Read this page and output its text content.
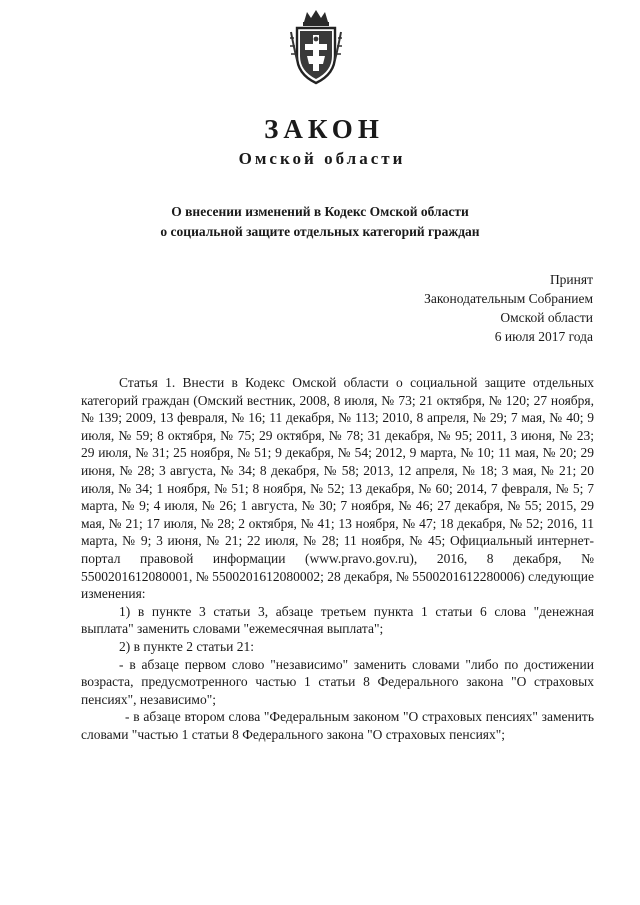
ЗАКОН
Омской области
О внесении изменений в Кодекс Омской области
о социальной защите отдельных категорий граждан
Принят
Законодательным Собранием
Омской области
6 июля 2017 года

Статья 1. Внести в Кодекс Омской области о социальной защите отдельных категорий граждан (Омский вестник, 2008, 8 июля, № 73; 21 октября, № 120; 27 ноября, № 139; 2009, 13 февраля, № 16; 11 декабря, № 113; 2010, 8 апреля, № 29; 7 мая, № 40; 9 июля, № 59; 8 октября, № 75; 29 октября, № 78; 31 декабря, № 95; 2011, 3 июня, № 23; 29 июля, № 31; 25 ноября, № 51; 9 декабря, № 54; 2012, 9 марта, № 10; 11 мая, № 20; 29 июня, № 28; 3 августа, № 34; 8 декабря, № 58; 2013, 12 апреля, № 18; 3 мая, № 21; 20 июля, № 34; 1 ноября, № 51; 8 ноября, № 52; 13 декабря, № 60; 2014, 7 февраля, № 5; 7 марта, № 9; 4 июля, № 26; 1 августа, № 30; 7 ноября, № 46; 27 декабря, № 55; 2015, 29 мая, № 21; 17 июля, № 28; 2 октября, № 41; 13 ноября, № 47; 18 декабря, № 52; 2016, 11 марта, № 9; 3 июня, № 21; 22 июля, № 28; 11 ноября, № 45; Официальный интернет-портал правовой информации (www.pravo.gov.ru), 2016, 8 декабря, № 5500201612080001, № 5500201612080002; 28 декабря, № 5500201612280006) следующие изменения:

1) в пункте 3 статьи 3, абзаце третьем пункта 1 статьи 6 слова "денежная выплата" заменить словами "ежемесячная выплата";

2) в пункте 2 статьи 21:

- в абзаце первом слово "независимо" заменить словами "либо по достижении возраста, предусмотренного частью 1 статьи 8 Федерального закона "О страховых пенсиях", независимо";

- в абзаце втором слова "Федеральным законом "О страховых пенсиях" заменить словами "частью 1 статьи 8 Федерального закона "О страховых пенсиях";
